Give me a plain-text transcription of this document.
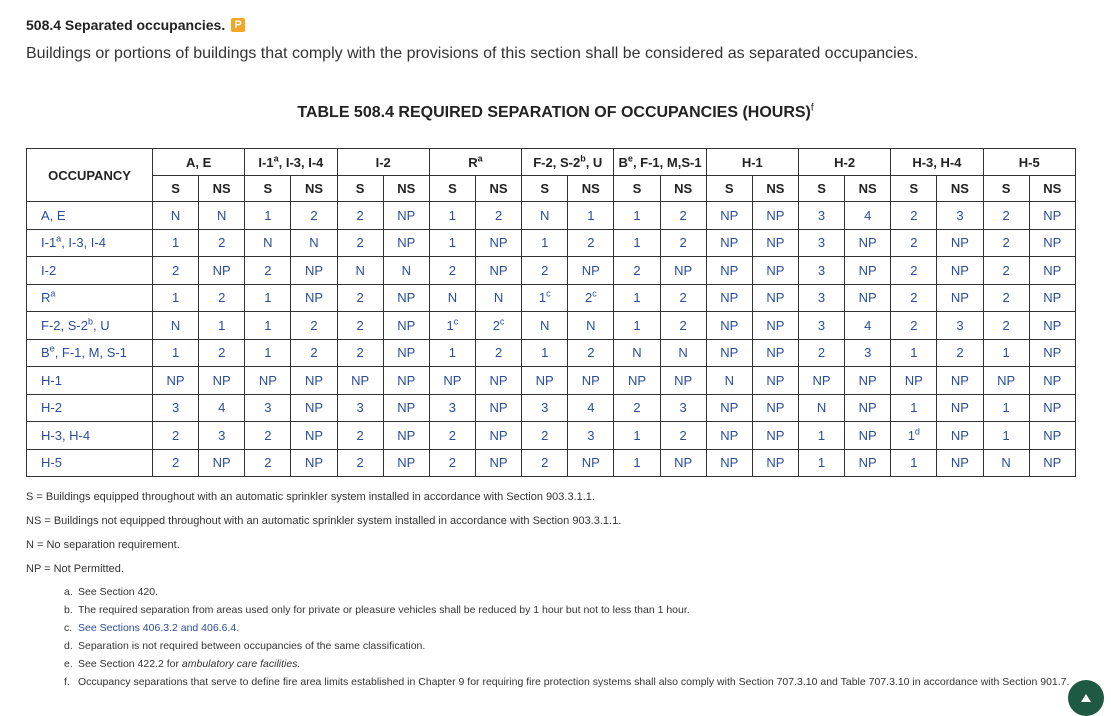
508.4 Separated occupancies. P
Buildings or portions of buildings that comply with the provisions of this section shall be considered as separated occupancies.
TABLE 508.4 REQUIRED SEPARATION OF OCCUPANCIES (HOURS)$^f$
OCCUPANCY	A, E		I-1$^a$, I-3, I-4		I-2		$R^a$		F-2, S-2$^b$, U		$B^e$, F-1, M,S-1		H-1		H-2		H-3, H-4		H-5	
	S	NS	S	NS	S	NS	S	NS	S	NS	S	NS	S	NS	S	NS	S	NS	S	NS
A, E	N	N	1	2	2	NP	1	2	N	1	1	2	NP	NP	3	4	2	3	2	NP
I-1$^a$, I-3, I-4	1	2	N	N	2	NP	1	NP	1	2	1	2	NP	NP	3	NP	2	NP	2	NP
I-2	2	NP	2	NP	N	N	2	NP	2	NP	2	NP	NP	NP	3	NP	2	NP	2	NP
$R^a$	1	2	1	NP	2	NP	N	N	1$^c$	2$^c$	1	2	NP	NP	3	NP	2	NP	2	NP
F-2, S-2$^b$, U	N	1	1	2	2	NP	1$^c$	2$^c$	N	N	1	2	NP	NP	3	4	2	3	2	NP
$B^e$, F-1, M, S-1	1	2	1	2	2	NP	1	2	1	2	N	N	NP	NP	2	3	1	2	1	NP
H-1	NP	NP	NP	NP	NP	NP	NP	NP	NP	NP	NP	NP	N	NP	NP	NP	NP	NP	NP	NP
H-2	3	4	3	NP	3	NP	3	NP	3	4	2	3	NP	NP	N	NP	1	NP	1	NP
H-3, H-4	2	3	2	NP	2	NP	2	NP	2	3	1	2	NP	NP	1	NP	1$^d$	NP	1	NP
H-5	2	NP	2	NP	2	NP	2	NP	2	NP	1	NP	NP	NP	1	NP	1	NP	N	NP
S = Buildings equipped throughout with an automatic sprinkler system installed in accordance with Section 903.3.1.1.
NS = Buildings not equipped throughout with an automatic sprinkler system installed in accordance with Section 903.3.1.1.
N = No separation requirement.
NP = Not Permitted.
a. See Section 420.
b. The required separation from areas used only for private or pleasure vehicles shall be reduced by 1 hour but not to less than 1 hour.
c. See Sections 406.3.2 and 406.6.4.
d. Separation is not required between occupancies of the same classification.
e. See Section 422.2 for ambulatory care facilities.
f. Occupancy separations that serve to define fire area limits established in Chapter 9 for requiring fire protection systems shall also comply with Section 707.3.10 and Table 707.3.10 in accordance with Section 901.7.
